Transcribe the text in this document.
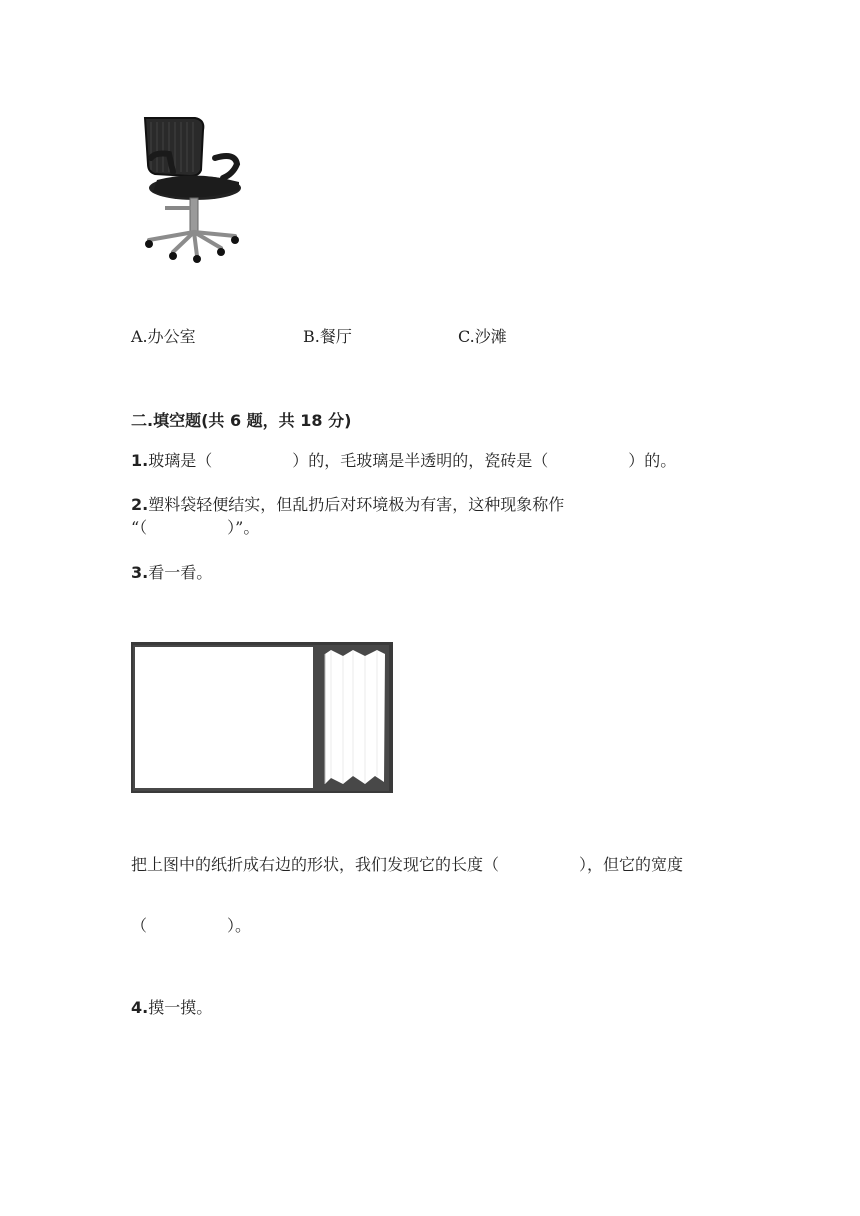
A.办公室	B.餐厅	C.沙滩
二.填空题(共 6 题，共 18 分)
1.玻璃是（　　　　　）的，毛玻璃是半透明的，瓷砖是（　　　　　）的。
2.塑料袋轻便结实，但乱扔后对环境极为有害，这种现象称作
“（　　　　　）”。
3.看一看。
把上图中的纸折成右边的形状，我们发现它的长度（　　　　　），但它的宽度
（　　　　　）。
4.摸一摸。
